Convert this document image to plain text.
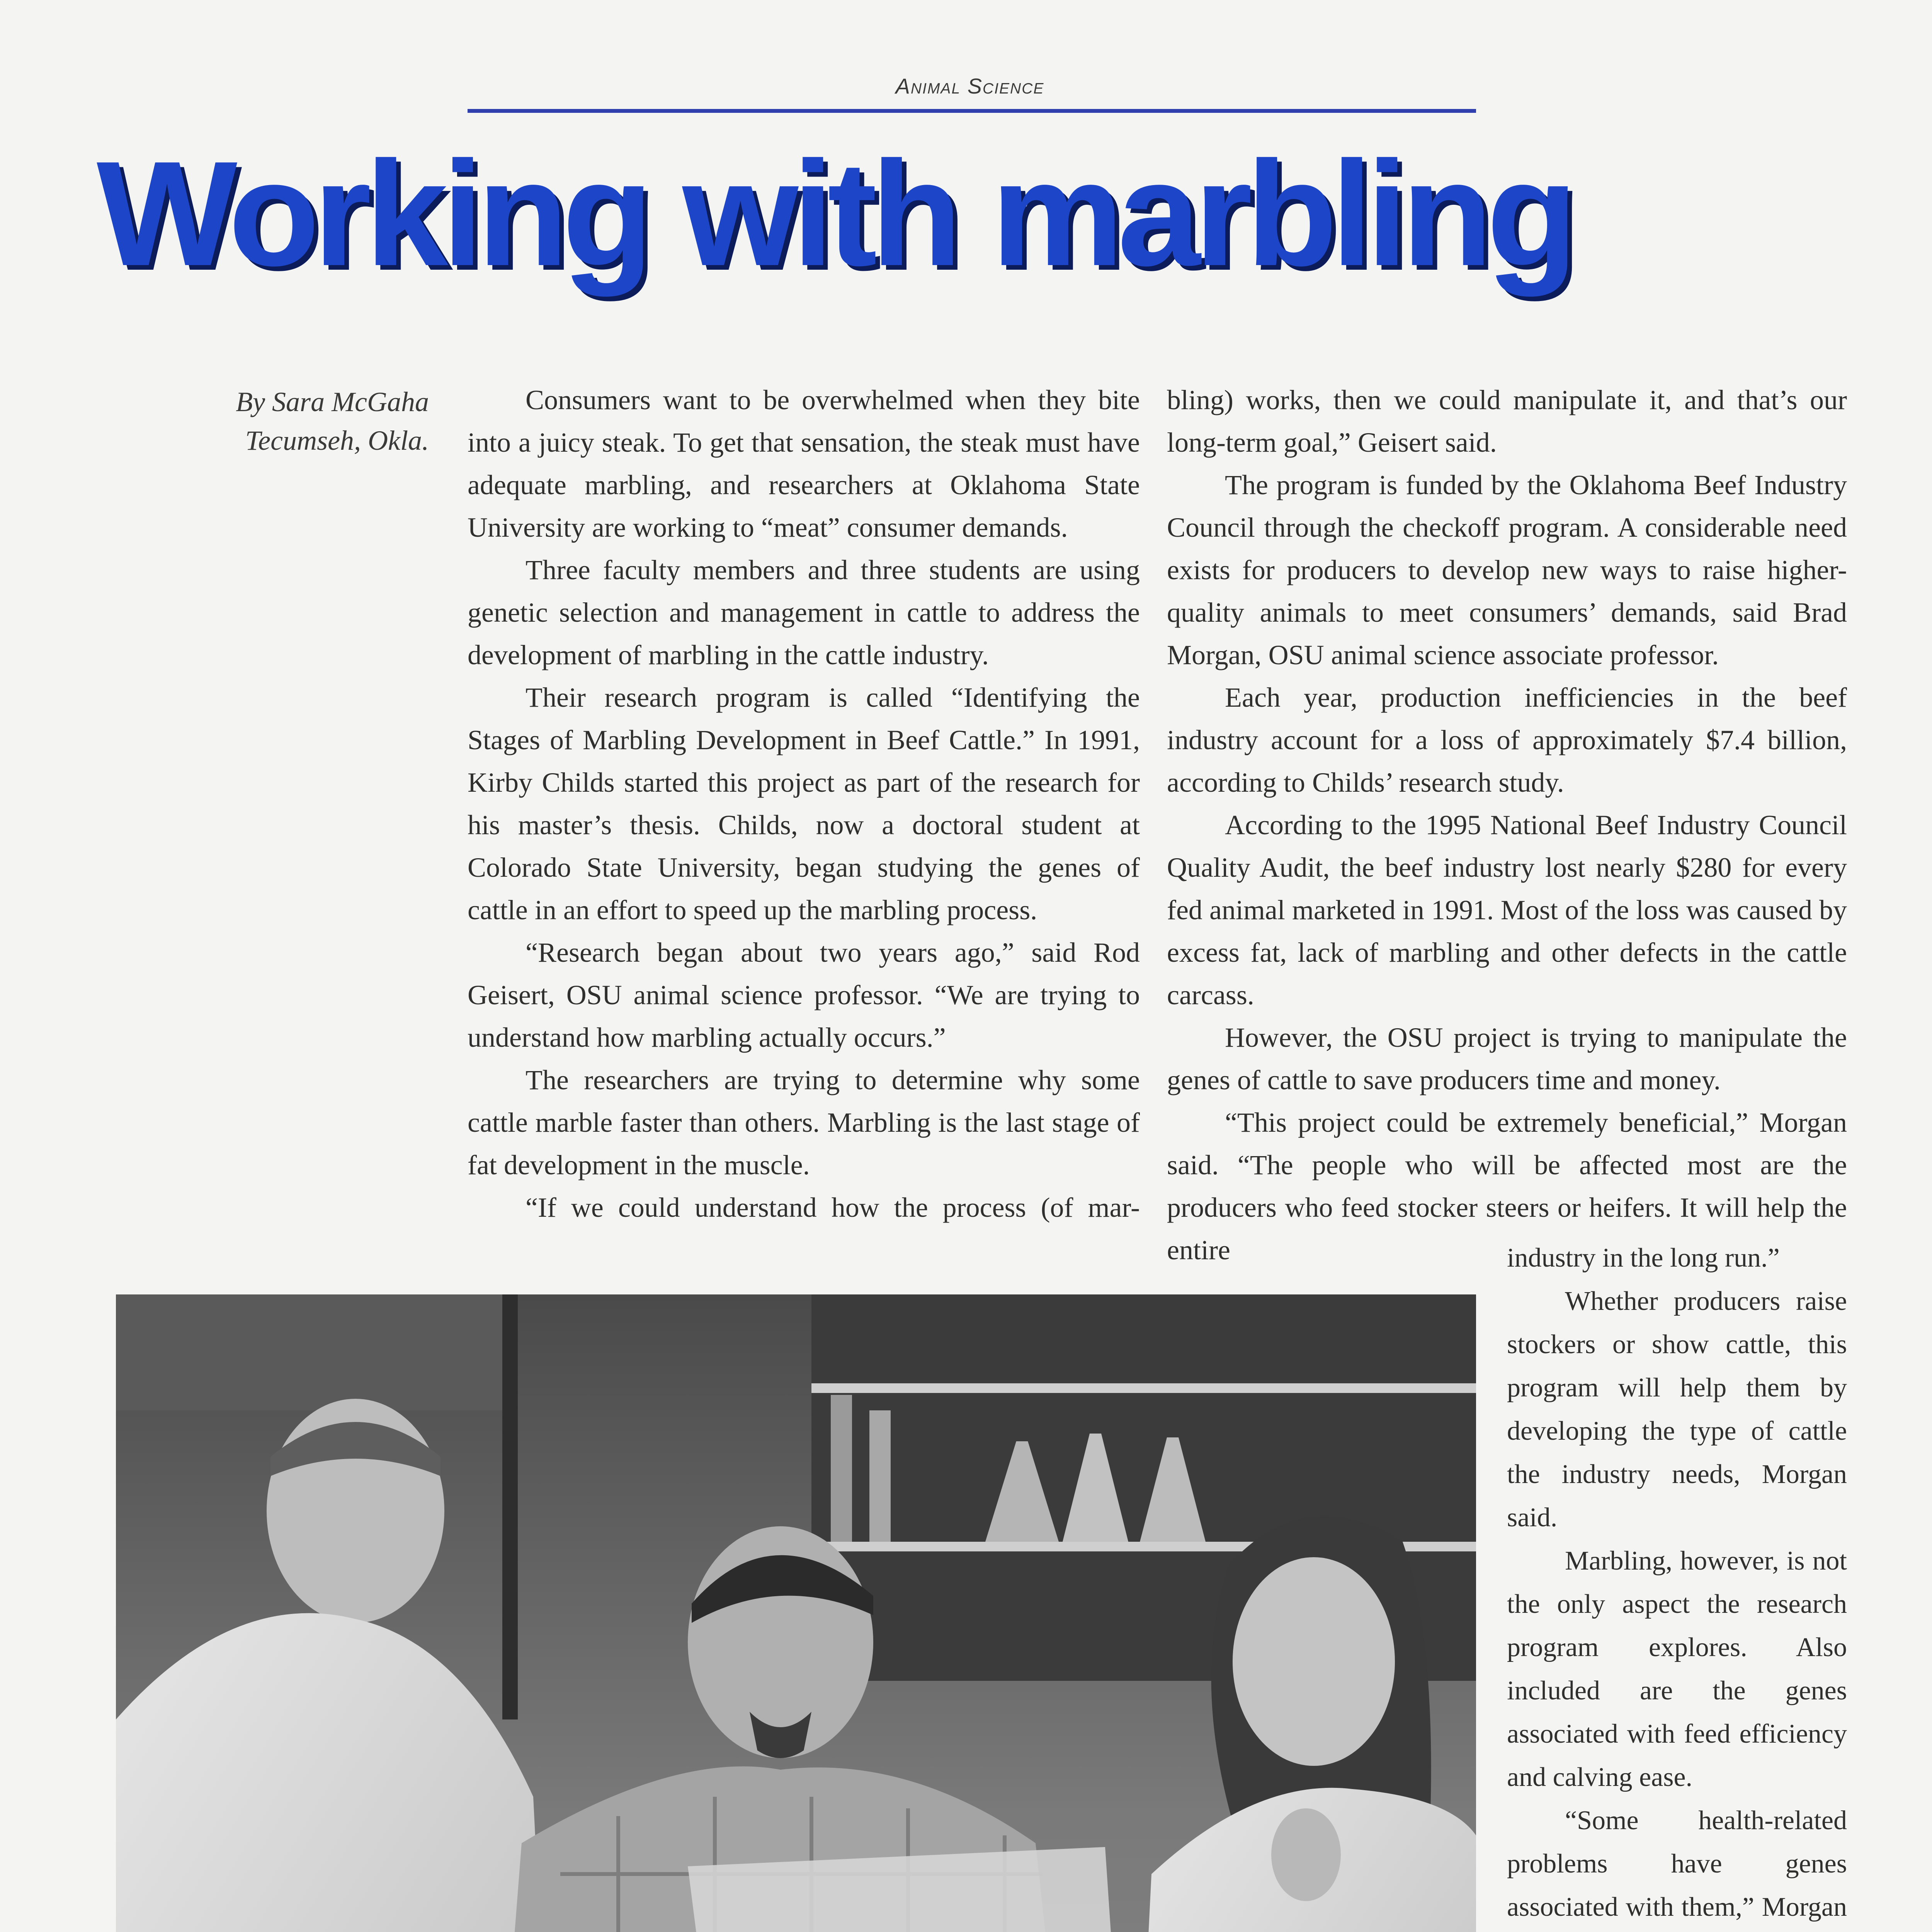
Animal Science
Working with marbling
By Sara McGaha
Tecumseh, Okla.

Consumers want to be overwhelmed when they bite into a juicy steak. To get that sensation, the steak must have adequate marbling, and researchers at Oklahoma State University are working to “meat” consumer demands.

Three faculty members and three students are using genetic selection and management in cattle to address the development of marbling in the cattle industry.

Their research program is called “Identifying the Stages of Marbling Development in Beef Cattle.” In 1991, Kirby Childs started this project as part of the research for his master’s thesis. Childs, now a doctoral student at Colorado State University, began studying the genes of cattle in an effort to speed up the marbling process.

“Research began about two years ago,” said Rod Geisert, OSU animal science professor. “We are trying to understand how marbling actually occurs.”

The researchers are trying to determine why some cattle marble faster than others. Marbling is the last stage of fat development in the muscle.

“If we could understand how the process (of mar-

bling) works, then we could manipulate it, and that’s our long-term goal,” Geisert said.

The program is funded by the Oklahoma Beef Industry Council through the checkoff program. A considerable need exists for producers to develop new ways to raise higher-quality animals to meet consumers’ demands, said Brad Morgan, OSU animal science associate professor.

Each year, production inefficiencies in the beef industry account for a loss of approximately $7.4 billion, according to Childs’ research study.

According to the 1995 National Beef Industry Council Quality Audit, the beef industry lost nearly $280 for every fed animal marketed in 1991. Most of the loss was caused by excess fat, lack of marbling and other defects in the cattle carcass.

However, the OSU project is trying to manipulate the genes of cattle to save producers time and money.

“This project could be extremely beneficial,” Morgan said. “The people who will be affected most are the producers who feed stocker steers or heifers. It will help the entire	industry in the long run.”

Whether producers raise stockers or show cattle, this program will help them by developing the type of cattle the industry needs, Morgan said.

Marbling, however, is not the only aspect the research program explores. Also included are the genes associated with feed efficiency and calving ease.

“Some health-related problems have genes associated with them,” Morgan
